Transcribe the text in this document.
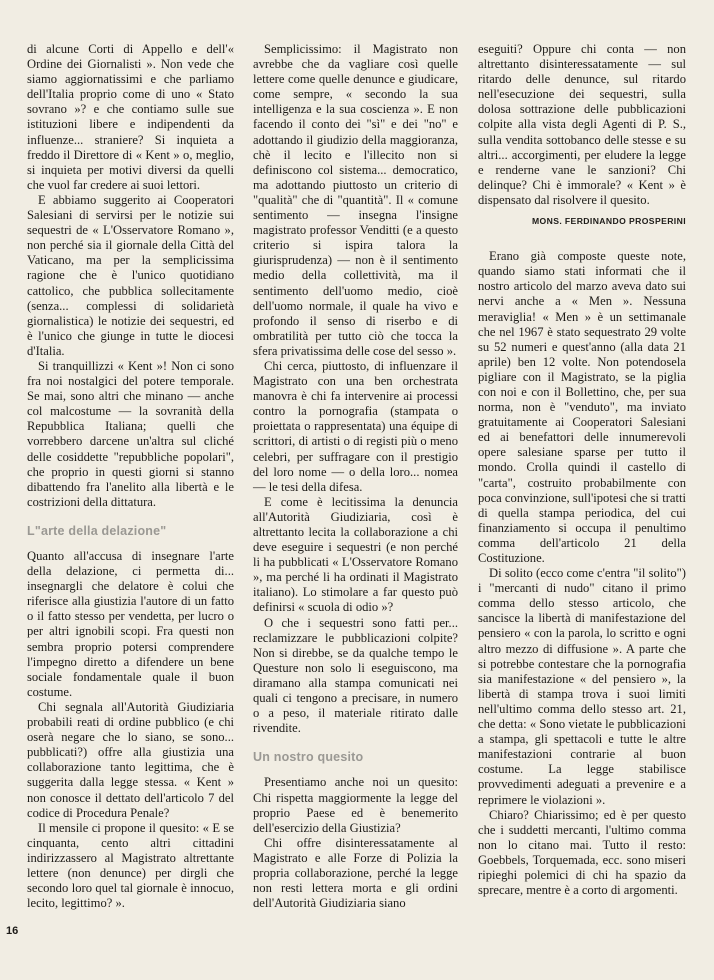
di alcune Corti di Appello e dell'« Ordine dei Giornalisti ». Non vede che siamo aggiornatissimi e che parliamo dell'Italia proprio come di uno « Stato sovrano »? e che contiamo sulle sue istituzioni libere e indipendenti da influenze... straniere? Si inquieta a freddo il Direttore di « Kent » o, meglio, si inquieta per motivi diversi da quelli che vuol far credere ai suoi lettori.

E abbiamo suggerito ai Cooperatori Salesiani di servirsi per le notizie sui sequestri de « L'Osservatore Romano », non perché sia il giornale della Città del Vaticano, ma per la semplicissima ragione che è l'unico quotidiano cattolico, che pubblica sollecitamente (senza... complessi di solidarietà giornalistica) le notizie dei sequestri, ed è l'unico che giunge in tutte le diocesi d'Italia.

Si tranquillizzi « Kent »! Non ci sono fra noi nostalgici del potere temporale. Se mai, sono altri che minano — anche col malcostume — la sovranità della Repubblica Italiana; quelli che vorrebbero darcene un'altra sul cliché delle cosiddette "repubbliche popolari", che proprio in questi giorni si stanno dibattendo fra l'anelito alla libertà e le costrizioni della dittatura.

L"arte della delazione"

Quanto all'accusa di insegnare l'arte della delazione, ci permetta di... insegnargli che delatore è colui che riferisce alla giustizia l'autore di un fatto o il fatto stesso per vendetta, per lucro o per altri ignobili scopi. Fra questi non sembra proprio potersi comprendere l'impegno diretto a difendere un bene sociale fondamentale quale il buon costume.

Chi segnala all'Autorità Giudiziaria probabili reati di ordine pubblico (e chi oserà negare che lo siano, se sono... pubblicati?) offre alla giustizia una collaborazione tanto legittima, che è suggerita dalla legge stessa. « Kent » non conosce il dettato dell'articolo 7 del codice di Procedura Penale?

Il mensile ci propone il quesito: « E se cinquanta, cento altri cittadini indirizzassero al Magistrato altrettante lettere (non denunce) per dirgli che secondo loro quel tal giornale è innocuo, lecito, legittimo? ».

Semplicissimo: il Magistrato non avrebbe che da vagliare così quelle lettere come quelle denunce e giudicare, come sempre, « secondo la sua intelligenza e la sua coscienza ». E non facendo il conto dei "sì" e dei "no" e adottando il giudizio della maggioranza, chè il lecito e l'illecito non si definiscono col sistema... democratico, ma adottando piuttosto un criterio di "qualità" che di "quantità". Il « comune sentimento — insegna l'insigne magistrato professor Venditti (e a questo criterio si ispira talora la giurisprudenza) — non è il sentimento medio della collettività, ma il sentimento dell'uomo medio, cioè dell'uomo normale, il quale ha vivo e profondo il senso di riserbo e di ombratilità per tutto ciò che tocca la sfera privatissima delle cose del sesso ».

Chi cerca, piuttosto, di influenzare il Magistrato con una ben orchestrata manovra è chi fa intervenire ai processi contro la pornografia (stampata o proiettata o rappresentata) una équipe di scrittori, di artisti o di registi più o meno celebri, per suffragare con il prestigio del loro nome — o della loro... nomea — le tesi della difesa.

E come è lecitissima la denuncia all'Autorità Giudiziaria, così è altrettanto lecita la collaborazione a chi deve eseguire i sequestri (e non perché li ha pubblicati « L'Osservatore Romano », ma perché li ha ordinati il Magistrato italiano). Lo stimolare a far questo può definirsi « scuola di odio »?

O che i sequestri sono fatti per... reclamizzare le pubblicazioni colpite? Non si direbbe, se da qualche tempo le Questure non solo li eseguiscono, ma diramano alla stampa comunicati nei quali ci tengono a precisare, in numero o a peso, il materiale ritirato dalle rivendite.

Un nostro quesito

Presentiamo anche noi un quesito: Chi rispetta maggiormente la legge del proprio Paese ed è benemerito dell'esercizio della Giustizia?

Chi offre disinteressatamente al Magistrato e alle Forze di Polizia la propria collaborazione, perché la legge non resti lettera morta e gli ordini dell'Autorità Giudiziaria siano

eseguiti? Oppure chi conta — non altrettanto disinteressatamente — sul ritardo delle denunce, sul ritardo nell'esecuzione dei sequestri, sulla dolosa sottrazione delle pubblicazioni colpite alla vista degli Agenti di P. S., sulla vendita sottobanco delle stesse e su altri... accorgimenti, per eludere la legge e renderne vane le sanzioni? Chi delinque? Chi è immorale? « Kent » è dispensato dal risolvere il quesito.

MONS. FERDINANDO PROSPERINI

Erano già composte queste note, quando siamo stati informati che il nostro articolo del marzo aveva dato sui nervi anche a « Men ». Nessuna meraviglia! « Men » è un settimanale che nel 1967 è stato sequestrato 29 volte su 52 numeri e quest'anno (alla data 21 aprile) ben 12 volte. Non potendosela pigliare con il Magistrato, se la piglia con noi e con il Bollettino, che, per sua norma, non è "venduto", ma inviato gratuitamente ai Cooperatori Salesiani ed ai benefattori delle innumerevoli opere salesiane sparse per tutto il mondo. Crolla quindi il castello di "carta", costruito probabilmente con poca convinzione, sull'ipotesi che si tratti di quella stampa periodica, del cui finanziamento si occupa il penultimo comma dell'articolo 21 della Costituzione.

Di solito (ecco come c'entra "il solito") i "mercanti di nudo" citano il primo comma dello stesso articolo, che sancisce la libertà di manifestazione del pensiero « con la parola, lo scritto e ogni altro mezzo di diffusione ». A parte che si potrebbe contestare che la pornografia sia manifestazione « del pensiero », la libertà di stampa trova i suoi limiti nell'ultimo comma dello stesso art. 21, che detta: « Sono vietate le pubblicazioni a stampa, gli spettacoli e tutte le altre manifestazioni contrarie al buon costume. La legge stabilisce provvedimenti adeguati a prevenire e a reprimere le violazioni ».

Chiaro? Chiarissimo; ed è per questo che i suddetti mercanti, l'ultimo comma non lo citano mai. Tutto il resto: Goebbels, Torquemada, ecc. sono miseri ripieghi polemici di chi ha spazio da sprecare, mentre è a corto di argomenti.

16
